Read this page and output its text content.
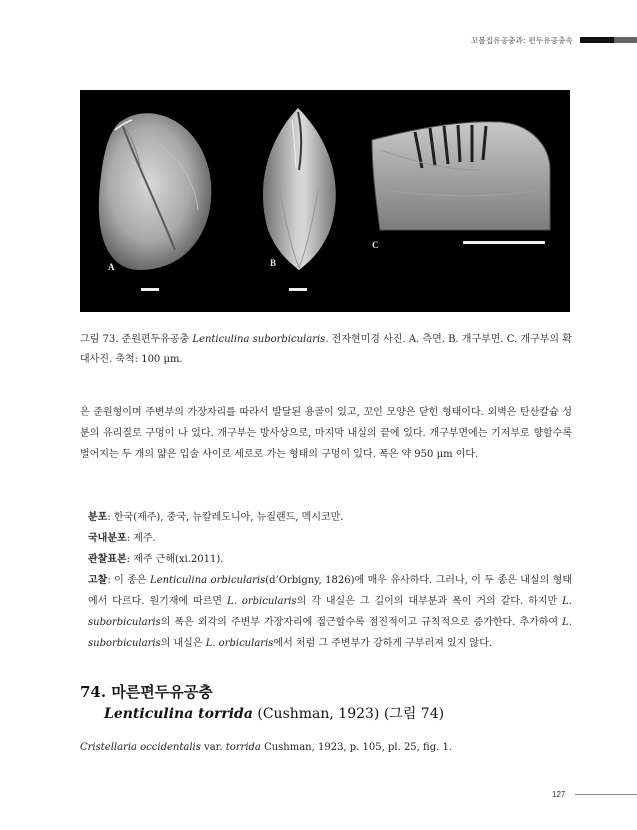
꼬볼집유공충과: 편두유공충속
A	B
C
그림 73. 준원편두유공충 Lenticulina suborbicularis. 전자현미경 사진. A. 측면. B. 개구부면. C. 개구부의 확대사진. 축척: 100 μm.
은 준원형이며 주변부의 가장자리를 따라서 발달된 용골이 있고, 꼬인 모양은 닫힌 형태이다. 외벽은 탄산칼슘 성분의 유리질로 구멍이 나 있다. 개구부는 방사상으로, 마지막 내실의 끝에 있다. 개구부면에는 기저부로 향할수록 벌어지는 두 개의 얇은 입술 사이로 세로로 가는 형태의 구멍이 있다. 폭은 약 950 μm 이다.
분포: 한국(제주), 중국, 뉴칼레도니아, 뉴질랜드, 멕시코만.
국내분포: 제주.
관찰표본: 제주 근해(xi.2011).
고찰: 이 종은 Lenticulina orbicularis(d’Orbigny, 1826)에 매우 유사하다. 그러나, 이 두 종은 내실의 형태에서 다르다. 원기재에 따르면 L. orbicularis의 각 내실은 그 길이의 대부분과 폭이 거의 같다. 하지만 L. suborbicularis의 폭은 외각의 주변부 가장자리에 접근할수록 점진적이고 규칙적으로 증가한다. 추가하여 L. suborbicularis의 내실은 L. orbicularis에서 처럼 그 주변부가 강하게 구부러져 있지 않다.
74. 마른편두유공충
Lenticulina torrida (Cushman, 1923) (그림 74)
Cristellaria occidentalis var. torrida Cushman, 1923, p. 105, pl. 25, fig. 1.
127
